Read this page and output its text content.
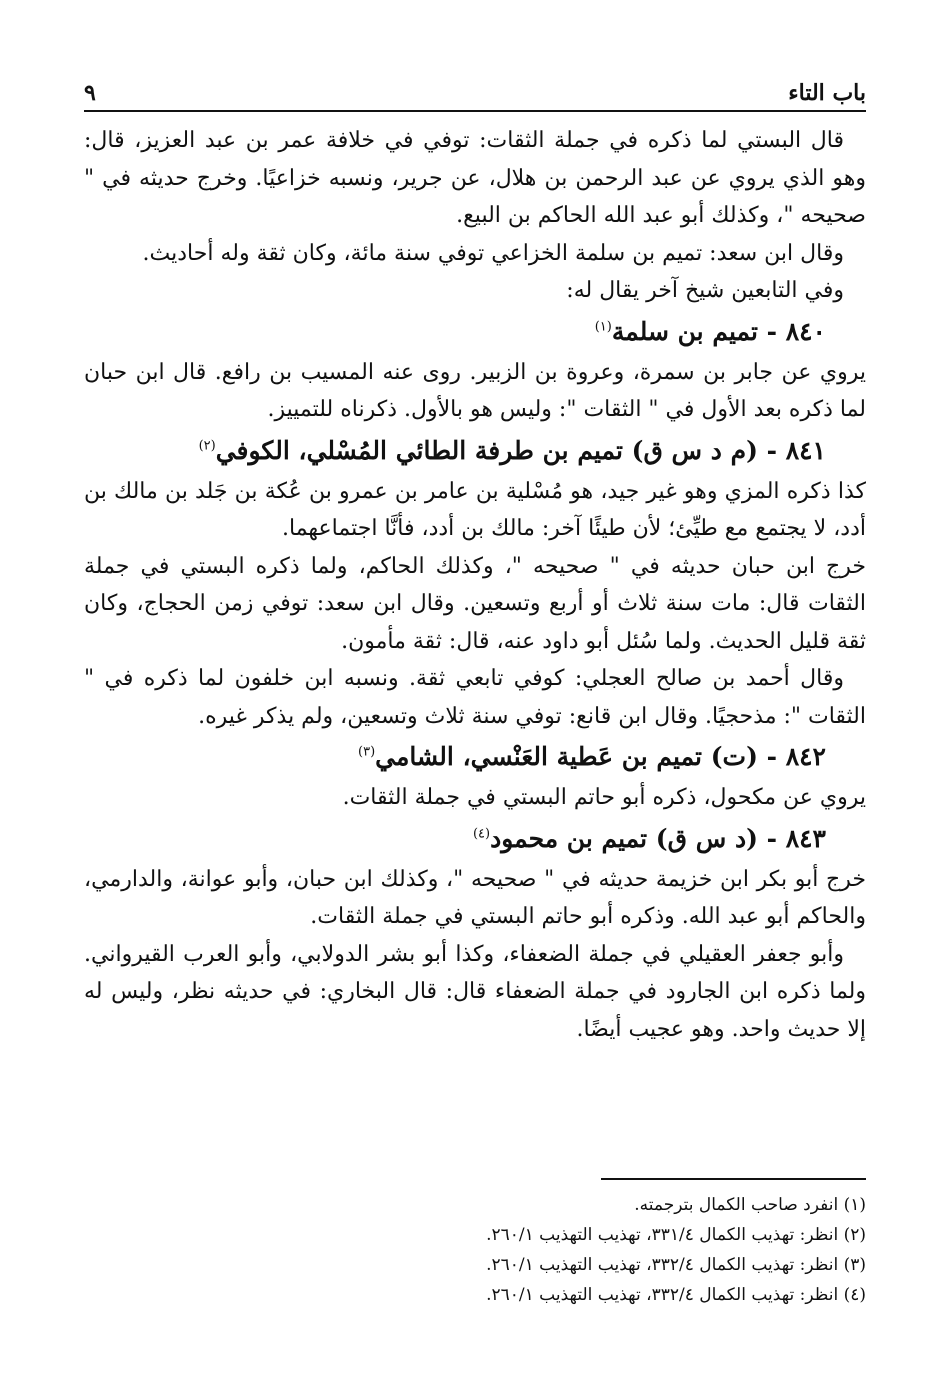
باب التاء
٩

قال البستي لما ذكره في جملة الثقات: توفي في خلافة عمر بن عبد العزيز، قال: وهو الذي يروي عن عبد الرحمن بن هلال، عن جرير، ونسبه خزاعيًا. وخرج حديثه في " صحيحه "، وكذلك أبو عبد الله الحاكم بن البيع.

وقال ابن سعد: تميم بن سلمة الخزاعي توفي سنة مائة، وكان ثقة وله أحاديث.

وفي التابعين شيخ آخر يقال له:

٨٤٠ - تميم بن سلمة$^{(١)}$

يروي عن جابر بن سمرة، وعروة بن الزبير. روى عنه المسيب بن رافع. قال ابن حبان لما ذكره بعد الأول في " الثقات ": وليس هو بالأول. ذكرناه للتمييز.

٨٤١ - (م د س ق) تميم بن طرفة الطائي المُسْلي، الكوفي$^{(٢)}$

كذا ذكره المزي وهو غير جيد، هو مُسْلية بن عامر بن عمرو بن عُكة بن جَلد بن مالك بن أدد، لا يجتمع مع طيِّئ؛ لأن طيئًا آخر: مالك بن أدد، فأنَّا اجتماعهما.

خرج ابن حبان حديثه في " صحيحه "، وكذلك الحاكم، ولما ذكره البستي في جملة الثقات قال: مات سنة ثلاث أو أربع وتسعين. وقال ابن سعد: توفي زمن الحجاج، وكان ثقة قليل الحديث. ولما سُئل أبو داود عنه، قال: ثقة مأمون.

وقال أحمد بن صالح العجلي: كوفي تابعي ثقة. ونسبه ابن خلفون لما ذكره في " الثقات ": مذحجيًا. وقال ابن قانع: توفي سنة ثلاث وتسعين، ولم يذكر غيره.

٨٤٢ - (ت) تميم بن عَطية العَنْسي، الشامي$^{(٣)}$

يروي عن مكحول، ذكره أبو حاتم البستي في جملة الثقات.

٨٤٣ - (د س ق) تميم بن محمود$^{(٤)}$

خرج أبو بكر ابن خزيمة حديثه في " صحيحه "، وكذلك ابن حبان، وأبو عوانة، والدارمي، والحاكم أبو عبد الله. وذكره أبو حاتم البستي في جملة الثقات.

وأبو جعفر العقيلي في جملة الضعفاء، وكذا أبو بشر الدولابي، وأبو العرب القيرواني. ولما ذكره ابن الجارود في جملة الضعفاء قال: قال البخاري: في حديثه نظر، وليس له إلا حديث واحد. وهو عجيب أيضًا.

(١) انفرد صاحب الكمال بترجمته.
(٢) انظر: تهذيب الكمال ٣٣١/٤، تهذيب التهذيب ٢٦٠/١.
(٣) انظر: تهذيب الكمال ٣٣٢/٤، تهذيب التهذيب ٢٦٠/١.
(٤) انظر: تهذيب الكمال ٣٣٢/٤، تهذيب التهذيب ٢٦٠/١.
